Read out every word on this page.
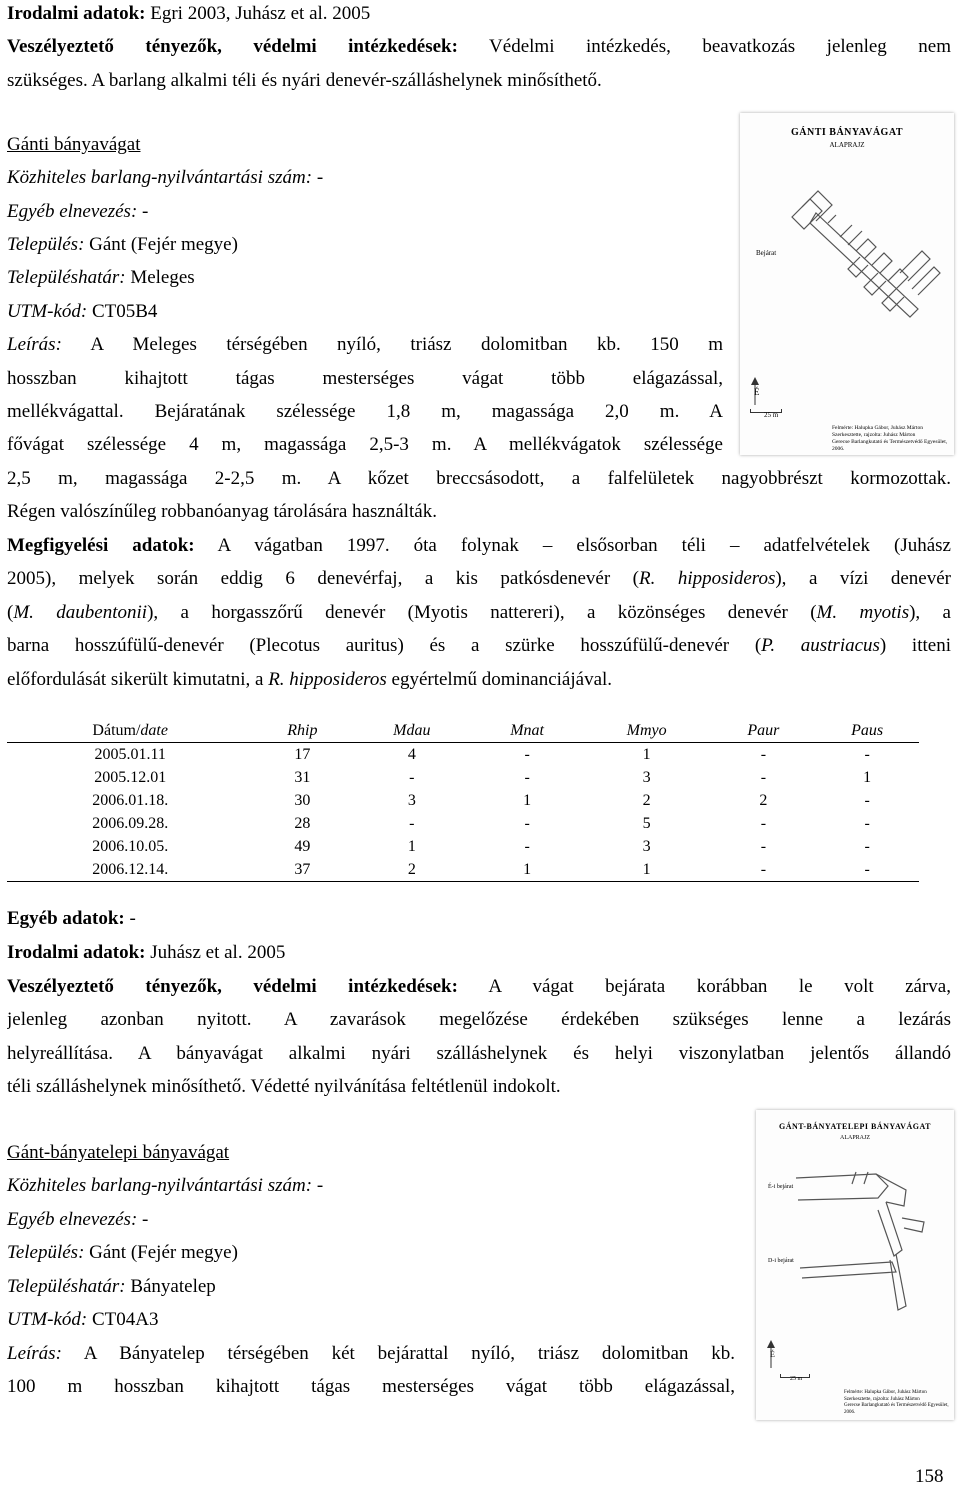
Irodalmi adatok: Egri 2003, Juhász et al. 2005
Veszélyeztető tényezők, védelmi intézkedések: Védelmi intézkedés, beavatkozás jelenleg nem
szükséges. A barlang alkalmi téli és nyári denevér-szálláshelynek minősíthető.
Gánti bányavágat
Közhiteles barlang-nyilvántartási szám: -
Egyéb elnevezés: -
Település: Gánt (Fejér megye)
Településhatár: Meleges
UTM-kód: CT05B4
Leírás: A Meleges térségében nyíló, triász dolomitban kb. 150 m
hosszban kihajtott tágas mesterséges vágat több elágazással,
mellékvágattal. Bejáratának szélessége 1,8 m, magassága 2,0 m. A
fővágat szélessége 4 m, magassága 2,5-3 m. A mellékvágatok szélessége
2,5 m, magassága 2-2,5 m. A kőzet breccsásodott, a falfelületek nagyobbrészt kormozottak.
Régen valószínűleg robbanóanyag tárolására használták.
Megfigyelési adatok: A vágatban 1997. óta folynak – elsősorban téli – adatfelvételek (Juhász
2005), melyek során eddig 6 denevérfaj, a kis patkósdenevér (R. hipposideros), a vízi denevér
(M. daubentonii), a horgasszőrű denevér (Myotis nattereri), a közönséges denevér (M. myotis), a
barna hosszúfülű-denevér (Plecotus auritus) és a szürke hosszúfülű-denevér (P. austriacus) itteni
előfordulását sikerült kimutatni, a R. hipposideros egyértelmű dominanciájával.
GÁNTI BÁNYAVÁGAT
ALAPRAJZ
Bejárat
É
25 m
Felmérte: Halupka Gábor, Juhász Márton
Szerkesztette, rajzolta: Juhász Márton
Gerecse Barlangkutató és Természetvédő Egyesület, 2006.
Dátum/date	Rhip	Mdau	Mnat	Mmyo	Paur	Paus
2005.01.11	17	4	-	1	-	-
2005.12.01	31	-	-	3	-	1
2006.01.18.	30	3	1	2	2	-
2006.09.28.	28	-	-	5	-	-
2006.10.05.	49	1	-	3	-	-
2006.12.14.	37	2	1	1	-	-
Egyéb adatok: -
Irodalmi adatok: Juhász et al. 2005
Veszélyeztető tényezők, védelmi intézkedések: A vágat bejárata korábban le volt zárva,
jelenleg azonban nyitott. A zavarások megelőzése érdekében szükséges lenne a lezárás
helyreállítása. A bányavágat alkalmi nyári szálláshelynek és helyi viszonylatban jelentős állandó
téli szálláshelynek minősíthető. Védetté nyilvánítása feltétlenül indokolt.
Gánt-bányatelepi bányavágat
Közhiteles barlang-nyilvántartási szám: -
Egyéb elnevezés: -
Település: Gánt (Fejér megye)
Településhatár: Bányatelep
UTM-kód: CT04A3
Leírás: A Bányatelep térségében két bejárattal nyíló, triász dolomitban kb.
100 m hosszban kihajtott tágas mesterséges vágat több elágazással,
GÁNT-BÁNYATELEPI BÁNYAVÁGAT
ALAPRAJZ
É-i bejárat
D-i bejárat
É
25 m
Felmérte: Halupka Gábor, Juhász Márton
Szerkesztette, rajzolta: Juhász Márton
Gerecse Barlangkutató és Természetvédő Egyesület, 2006.
158
